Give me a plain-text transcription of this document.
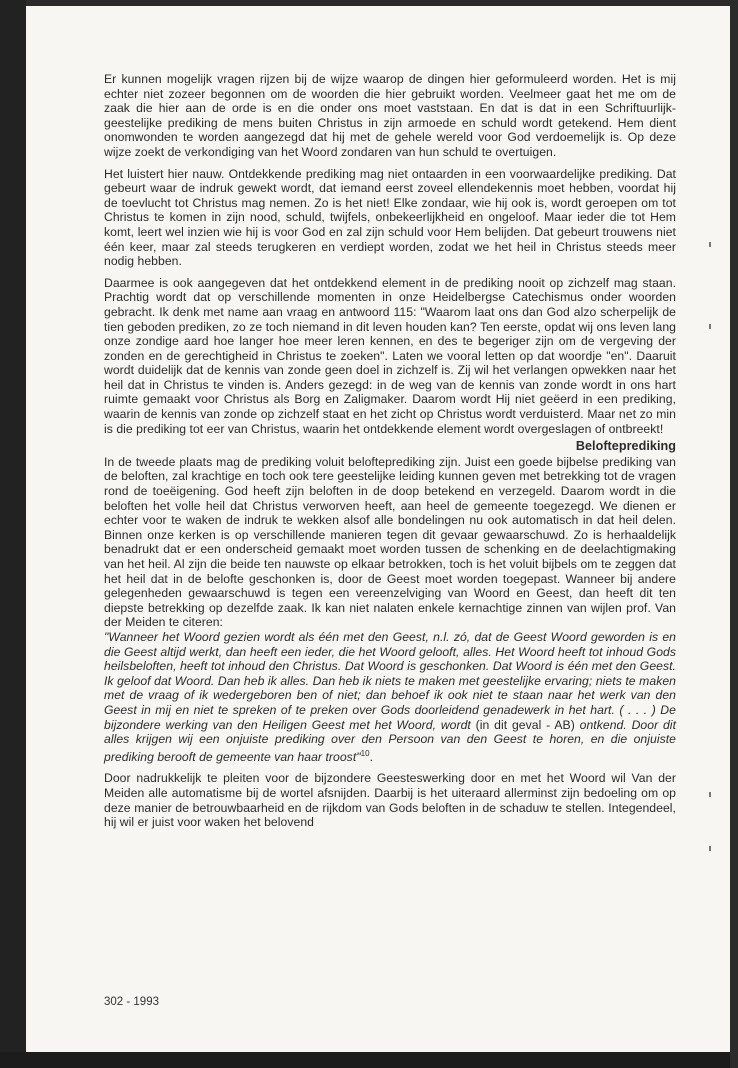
Er kunnen mogelijk vragen rijzen bij de wijze waarop de dingen hier geformuleerd worden. Het is mij echter niet zozeer begonnen om de woorden die hier gebruikt worden. Veelmeer gaat het me om de zaak die hier aan de orde is en die onder ons moet vaststaan. En dat is dat in een Schriftuurlijk-geestelijke prediking de mens buiten Christus in zijn armoede en schuld wordt getekend. Hem dient onomwonden te worden aangezegd dat hij met de gehele wereld voor God verdoemelijk is. Op deze wijze zoekt de verkondiging van het Woord zondaren van hun schuld te overtuigen.

Het luistert hier nauw. Ontdekkende prediking mag niet ontaarden in een voorwaardelijke prediking. Dat gebeurt waar de indruk gewekt wordt, dat iemand eerst zoveel ellendekennis moet hebben, voordat hij de toevlucht tot Christus mag nemen. Zo is het niet! Elke zondaar, wie hij ook is, wordt geroepen om tot Christus te komen in zijn nood, schuld, twijfels, onbekeerlijkheid en ongeloof. Maar ieder die tot Hem komt, leert wel inzien wie hij is voor God en zal zijn schuld voor Hem belijden. Dat gebeurt trouwens niet één keer, maar zal steeds terugkeren en verdiept worden, zodat we het heil in Christus steeds meer nodig hebben.

Daarmee is ook aangegeven dat het ontdekkend element in de prediking nooit op zichzelf mag staan. Prachtig wordt dat op verschillende momenten in onze Heidelbergse Catechismus onder woorden gebracht. Ik denk met name aan vraag en antwoord 115: "Waarom laat ons dan God alzo scherpelijk de tien geboden prediken, zo ze toch niemand in dit leven houden kan? Ten eerste, opdat wij ons leven lang onze zondige aard hoe langer hoe meer leren kennen, en des te begeriger zijn om de vergeving der zonden en de gerechtigheid in Christus te zoeken". Laten we vooral letten op dat woordje "en". Daaruit wordt duidelijk dat de kennis van zonde geen doel in zichzelf is. Zij wil het verlangen opwekken naar het heil dat in Christus te vinden is. Anders gezegd: in de weg van de kennis van zonde wordt in ons hart ruimte gemaakt voor Christus als Borg en Zaligmaker. Daarom wordt Hij niet geëerd in een prediking, waarin de kennis van zonde op zichzelf staat en het zicht op Christus wordt verduisterd. Maar net zo min is die prediking tot eer van Christus, waarin het ontdekkende element wordt overgeslagen of ontbreekt!

Belofteprediking

In de tweede plaats mag de prediking voluit belofteprediking zijn. Juist een goede bijbelse prediking van de beloften, zal krachtige en toch ook tere geestelijke leiding kunnen geven met betrekking tot de vragen rond de toeëigening. God heeft zijn beloften in de doop betekend en verzegeld. Daarom wordt in die beloften het volle heil dat Christus verworven heeft, aan heel de gemeente toegezegd. We dienen er echter voor te waken de indruk te wekken alsof alle bondelingen nu ook automatisch in dat heil delen. Binnen onze kerken is op verschillende manieren tegen dit gevaar gewaarschuwd. Zo is herhaaldelijk benadrukt dat er een onderscheid gemaakt moet worden tussen de schenking en de deelachtigmaking van het heil. Al zijn die beide ten nauwste op elkaar betrokken, toch is het voluit bijbels om te zeggen dat het heil dat in de belofte geschonken is, door de Geest moet worden toegepast. Wanneer bij andere gelegenheden gewaarschuwd is tegen een vereenzelviging van Woord en Geest, dan heeft dit ten diepste betrekking op dezelfde zaak. Ik kan niet nalaten enkele kernachtige zinnen van wijlen prof. Van der Meiden te citeren:

"Wanneer het Woord gezien wordt als één met den Geest, n.l. zó, dat de Geest Woord geworden is en die Geest altijd werkt, dan heeft een ieder, die het Woord gelooft, alles. Het Woord heeft tot inhoud Gods heilsbeloften, heeft tot inhoud den Christus. Dat Woord is geschonken. Dat Woord is één met den Geest. Ik geloof dat Woord. Dan heb ik alles. Dan heb ik niets te maken met geestelijke ervaring; niets te maken met de vraag of ik wedergeboren ben of niet; dan behoef ik ook niet te staan naar het werk van den Geest in mij en niet te spreken of te preken over Gods doorleidend genadewerk in het hart. ( . . . ) De bijzondere werking van den Heiligen Geest met het Woord, wordt (in dit geval - AB) ontkend. Door dit alles krijgen wij een onjuiste prediking over den Persoon van den Geest te horen, en die onjuiste prediking berooft de gemeente van haar troost"$^{10}$.

Door nadrukkelijk te pleiten voor de bijzondere Geesteswerking door en met het Woord wil Van der Meiden alle automatisme bij de wortel afsnijden. Daarbij is het uiteraard allerminst zijn bedoeling om op deze manier de betrouwbaarheid en de rijkdom van Gods beloften in de schaduw te stellen. Integendeel, hij wil er juist voor waken het belovend

302 - 1993
